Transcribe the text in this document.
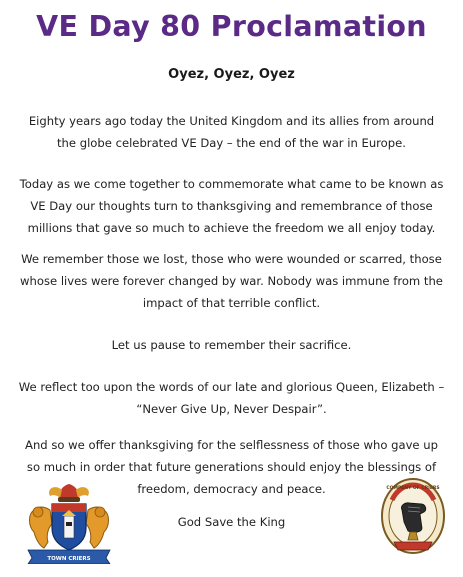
VE Day 80 Proclamation
Oyez, Oyez, Oyez
Eighty years ago today the United Kingdom and its allies from around the globe celebrated VE Day – the end of the war in Europe.
Today as we come together to commemorate what came to be known as VE Day our thoughts turn to thanksgiving and remembrance of those millions that gave so much to achieve the freedom we all enjoy today.
We remember those we lost, those who were wounded or scarred, those whose lives were forever changed by war. Nobody was immune from the impact of that terrible conflict.
Let us pause to remember their sacrifice.
We reflect too upon the words of our late and glorious Queen, Elizabeth – “Never Give Up, Never Despair”.
And so we offer thanksgiving for the selflessness of those who gave up so much in order that future generations should enjoy the blessings of freedom, democracy and peace.
God Save the King
TOWN CRIERS
COMPANY OF CRIERS
